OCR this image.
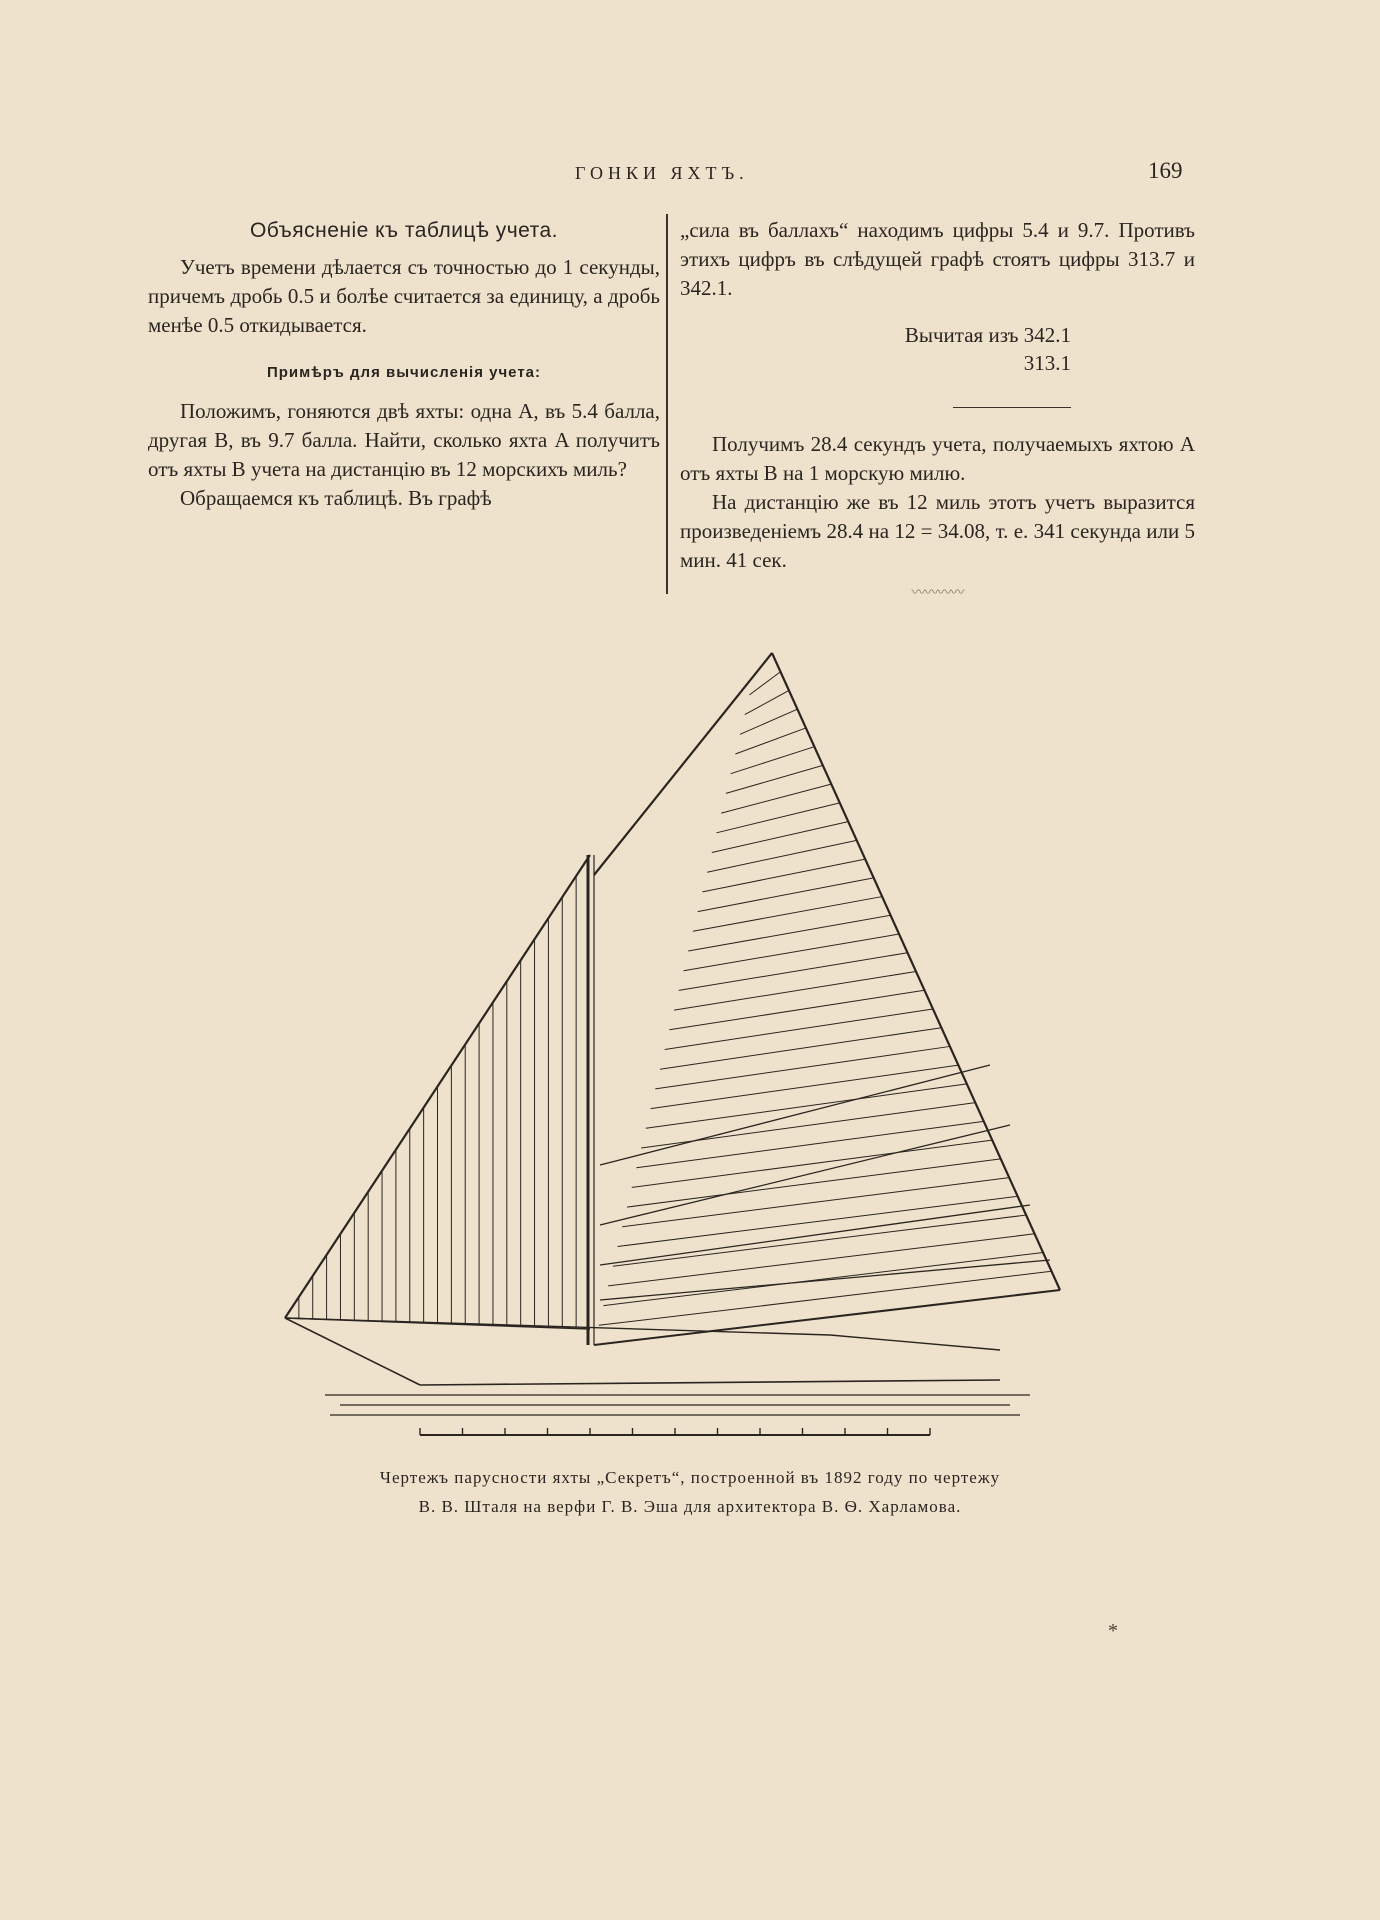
ГОНКИ ЯХТЪ.	169
Объясненіе къ таблицѣ учета.

Учетъ времени дѣлается съ точностью до 1 секунды, причемъ дробь 0.5 и болѣе считается за единицу, а дробь менѣе 0.5 откидывается.

Примѣръ для вычисленія учета:

Положимъ, гоняются двѣ яхты: одна A, въ 5.4 балла, другая B, въ 9.7 балла. Найти, сколько яхта A получитъ отъ яхты B учета на дистанцію въ 12 морскихъ миль?

Обращаемся къ таблицѣ. Въ графѣ

„сила въ баллахъ“ находимъ цифры 5.4 и 9.7. Противъ этихъ цифръ въ слѣдущей графѣ стоятъ цифры 313.7 и 342.1.

Вычитая изъ 342.1
313.1

Получимъ 28.4 секундъ учета, получаемыхъ яхтою A отъ яхты B на 1 морскую милю.

На дистанцію же въ 12 миль этотъ учетъ выразится произведеніемъ 28.4 на 12 = 34.08, т. е. 341 секунда или 5 мин. 41 сек.

〰〰〰〰
Чертежъ парусности яхты „Секретъ“, построенной въ 1892 году по чертежу
В. В. Шталя на верфи Г. В. Эша для архитектора В. Ѳ. Харламова.
*
